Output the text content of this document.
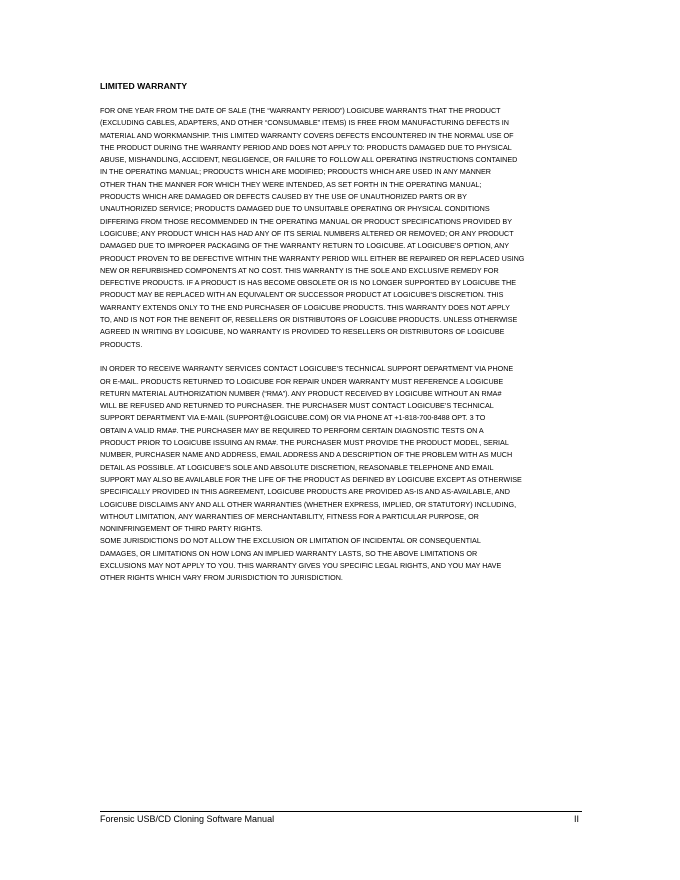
LIMITED WARRANTY

FOR ONE YEAR FROM THE DATE OF SALE (THE “WARRANTY PERIOD”) LOGICUBE WARRANTS THAT THE PRODUCT
(EXCLUDING CABLES, ADAPTERS, AND OTHER “CONSUMABLE” ITEMS) IS FREE FROM MANUFACTURING DEFECTS IN
MATERIAL AND WORKMANSHIP. THIS LIMITED WARRANTY COVERS DEFECTS ENCOUNTERED IN THE NORMAL USE OF
THE PRODUCT DURING THE WARRANTY PERIOD AND DOES NOT APPLY TO: PRODUCTS DAMAGED DUE TO PHYSICAL
ABUSE, MISHANDLING, ACCIDENT, NEGLIGENCE, OR FAILURE TO FOLLOW ALL OPERATING INSTRUCTIONS CONTAINED
IN THE OPERATING MANUAL; PRODUCTS WHICH ARE MODIFIED; PRODUCTS WHICH ARE USED IN ANY MANNER
OTHER THAN THE MANNER FOR WHICH THEY WERE INTENDED, AS SET FORTH IN THE OPERATING MANUAL;
PRODUCTS WHICH ARE DAMAGED OR DEFECTS CAUSED BY THE USE OF UNAUTHORIZED PARTS OR BY
UNAUTHORIZED SERVICE; PRODUCTS DAMAGED DUE TO UNSUITABLE OPERATING OR PHYSICAL CONDITIONS
DIFFERING FROM THOSE RECOMMENDED IN THE OPERATING MANUAL OR PRODUCT SPECIFICATIONS PROVIDED BY
LOGICUBE; ANY PRODUCT WHICH HAS HAD ANY OF ITS SERIAL NUMBERS ALTERED OR REMOVED; OR ANY PRODUCT
DAMAGED DUE TO IMPROPER PACKAGING OF THE WARRANTY RETURN TO LOGICUBE. AT LOGICUBE’S OPTION, ANY
PRODUCT PROVEN TO BE DEFECTIVE WITHIN THE WARRANTY PERIOD WILL EITHER BE REPAIRED OR REPLACED USING
NEW OR REFURBISHED COMPONENTS AT NO COST. THIS WARRANTY IS THE SOLE AND EXCLUSIVE REMEDY FOR
DEFECTIVE PRODUCTS. IF A PRODUCT IS HAS BECOME OBSOLETE OR IS NO LONGER SUPPORTED BY LOGICUBE THE
PRODUCT MAY BE REPLACED WITH AN EQUIVALENT OR SUCCESSOR PRODUCT AT LOGICUBE’S DISCRETION. THIS
WARRANTY EXTENDS ONLY TO THE END PURCHASER OF LOGICUBE PRODUCTS. THIS WARRANTY DOES NOT APPLY
TO, AND IS NOT FOR THE BENEFIT OF, RESELLERS OR DISTRIBUTORS OF LOGICUBE PRODUCTS. UNLESS OTHERWISE
AGREED IN WRITING BY LOGICUBE, NO WARRANTY IS PROVIDED TO RESELLERS OR DISTRIBUTORS OF LOGICUBE
PRODUCTS.

IN ORDER TO RECEIVE WARRANTY SERVICES CONTACT LOGICUBE’S TECHNICAL SUPPORT DEPARTMENT VIA PHONE
OR E-MAIL. PRODUCTS RETURNED TO LOGICUBE FOR REPAIR UNDER WARRANTY MUST REFERENCE A LOGICUBE
RETURN MATERIAL AUTHORIZATION NUMBER (“RMA”). ANY PRODUCT RECEIVED BY LOGICUBE WITHOUT AN RMA#
WILL BE REFUSED AND RETURNED TO PURCHASER. THE PURCHASER MUST CONTACT LOGICUBE’S TECHNICAL
SUPPORT DEPARTMENT VIA E-MAIL (SUPPORT@LOGICUBE.COM) OR VIA PHONE AT +1-818-700-8488 OPT. 3 TO
OBTAIN A VALID RMA#. THE PURCHASER MAY BE REQUIRED TO PERFORM CERTAIN DIAGNOSTIC TESTS ON A
PRODUCT PRIOR TO LOGICUBE ISSUING AN RMA#. THE PURCHASER MUST PROVIDE THE PRODUCT MODEL, SERIAL
NUMBER, PURCHASER NAME AND ADDRESS, EMAIL ADDRESS AND A DESCRIPTION OF THE PROBLEM WITH AS MUCH
DETAIL AS POSSIBLE. AT LOGICUBE’S SOLE AND ABSOLUTE DISCRETION, REASONABLE TELEPHONE AND EMAIL
SUPPORT MAY ALSO BE AVAILABLE FOR THE LIFE OF THE PRODUCT AS DEFINED BY LOGICUBE EXCEPT AS OTHERWISE
SPECIFICALLY PROVIDED IN THIS AGREEMENT, LOGICUBE PRODUCTS ARE PROVIDED AS-IS AND AS-AVAILABLE, AND
LOGICUBE DISCLAIMS ANY AND ALL OTHER WARRANTIES (WHETHER EXPRESS, IMPLIED, OR STATUTORY) INCLUDING,
WITHOUT LIMITATION, ANY WARRANTIES OF MERCHANTABILITY, FITNESS FOR A PARTICULAR PURPOSE, OR
NONINFRINGEMENT OF THIRD PARTY RIGHTS.

SOME JURISDICTIONS DO NOT ALLOW THE EXCLUSION OR LIMITATION OF INCIDENTAL OR CONSEQUENTIAL
DAMAGES, OR LIMITATIONS ON HOW LONG AN IMPLIED WARRANTY LASTS, SO THE ABOVE LIMITATIONS OR
EXCLUSIONS MAY NOT APPLY TO YOU. THIS WARRANTY GIVES YOU SPECIFIC LEGAL RIGHTS, AND YOU MAY HAVE
OTHER RIGHTS WHICH VARY FROM JURISDICTION TO JURISDICTION.

Forensic USB/CD Cloning Software Manual	II
